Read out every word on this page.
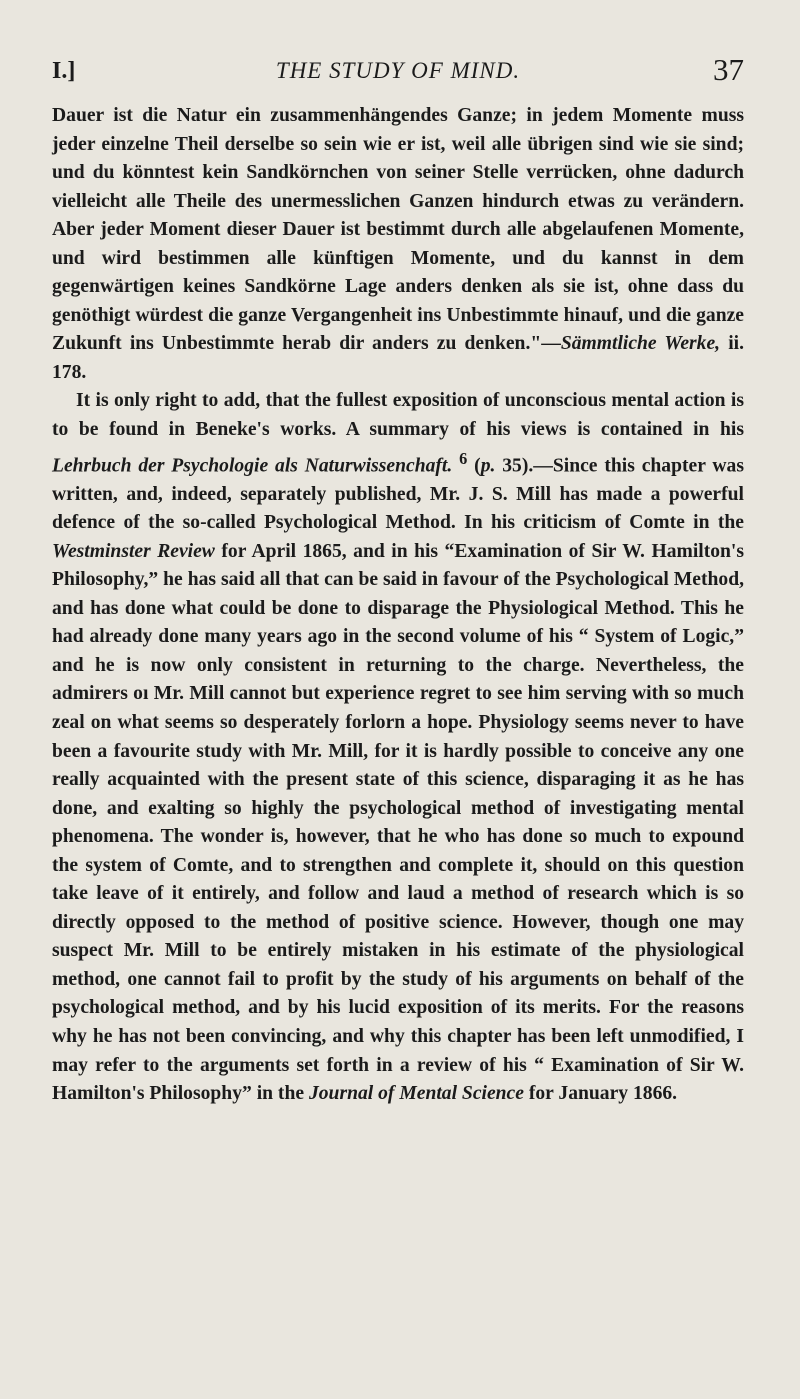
I.]	THE STUDY OF MIND.	37

Dauer ist die Natur ein zusammenhängendes Ganze; in jedem Momente muss jeder einzelne Theil derselbe so sein wie er ist, weil alle übrigen sind wie sie sind; und du könntest kein Sandkörnchen von seiner Stelle verrücken, ohne dadurch vielleicht alle Theile des unermesslichen Ganzen hindurch etwas zu verändern. Aber jeder Moment dieser Dauer ist bestimmt durch alle abgelaufenen Momente, und wird bestimmen alle künftigen Momente, und du kannst in dem gegenwärtigen keines Sandkörne Lage anders denken als sie ist, ohne dass du genöthigt würdest die ganze Vergangenheit ins Unbestimmte hinauf, und die ganze Zukunft ins Unbestimmte herab dir anders zu denken."—Sämmtliche Werke, ii. 178.

It is only right to add, that the fullest exposition of unconscious mental action is to be found in Beneke's works. A summary of his views is contained in his Lehrbuch der Psychologie als Naturwissenchaft. $^6$ (p. 35).—Since this chapter was written, and, indeed, separately published, Mr. J. S. Mill has made a powerful defence of the so-called Psychological Method. In his criticism of Comte in the Westminster Review for April 1865, and in his “Examination of Sir W. Hamilton's Philosophy,” he has said all that can be said in favour of the Psychological Method, and has done what could be done to disparage the Physiological Method. This he had already done many years ago in the second volume of his “ System of Logic,” and he is now only consistent in returning to the charge. Nevertheless, the admirers oı Mr. Mill cannot but experience regret to see him serving with so much zeal on what seems so desperately forlorn a hope. Physiology seems never to have been a favourite study with Mr. Mill, for it is hardly possible to conceive any one really acquainted with the present state of this science, disparaging it as he has done, and exalting so highly the psychological method of investigating mental phenomena. The wonder is, however, that he who has done so much to expound the system of Comte, and to strengthen and complete it, should on this question take leave of it entirely, and follow and laud a method of research which is so directly opposed to the method of positive science. However, though one may suspect Mr. Mill to be entirely mistaken in his estimate of the physiological method, one cannot fail to profit by the study of his arguments on behalf of the psychological method, and by his lucid exposition of its merits. For the reasons why he has not been convincing, and why this chapter has been left unmodified, I may refer to the arguments set forth in a review of his “ Examination of Sir W. Hamilton's Philosophy” in the Journal of Mental Science for January 1866.
